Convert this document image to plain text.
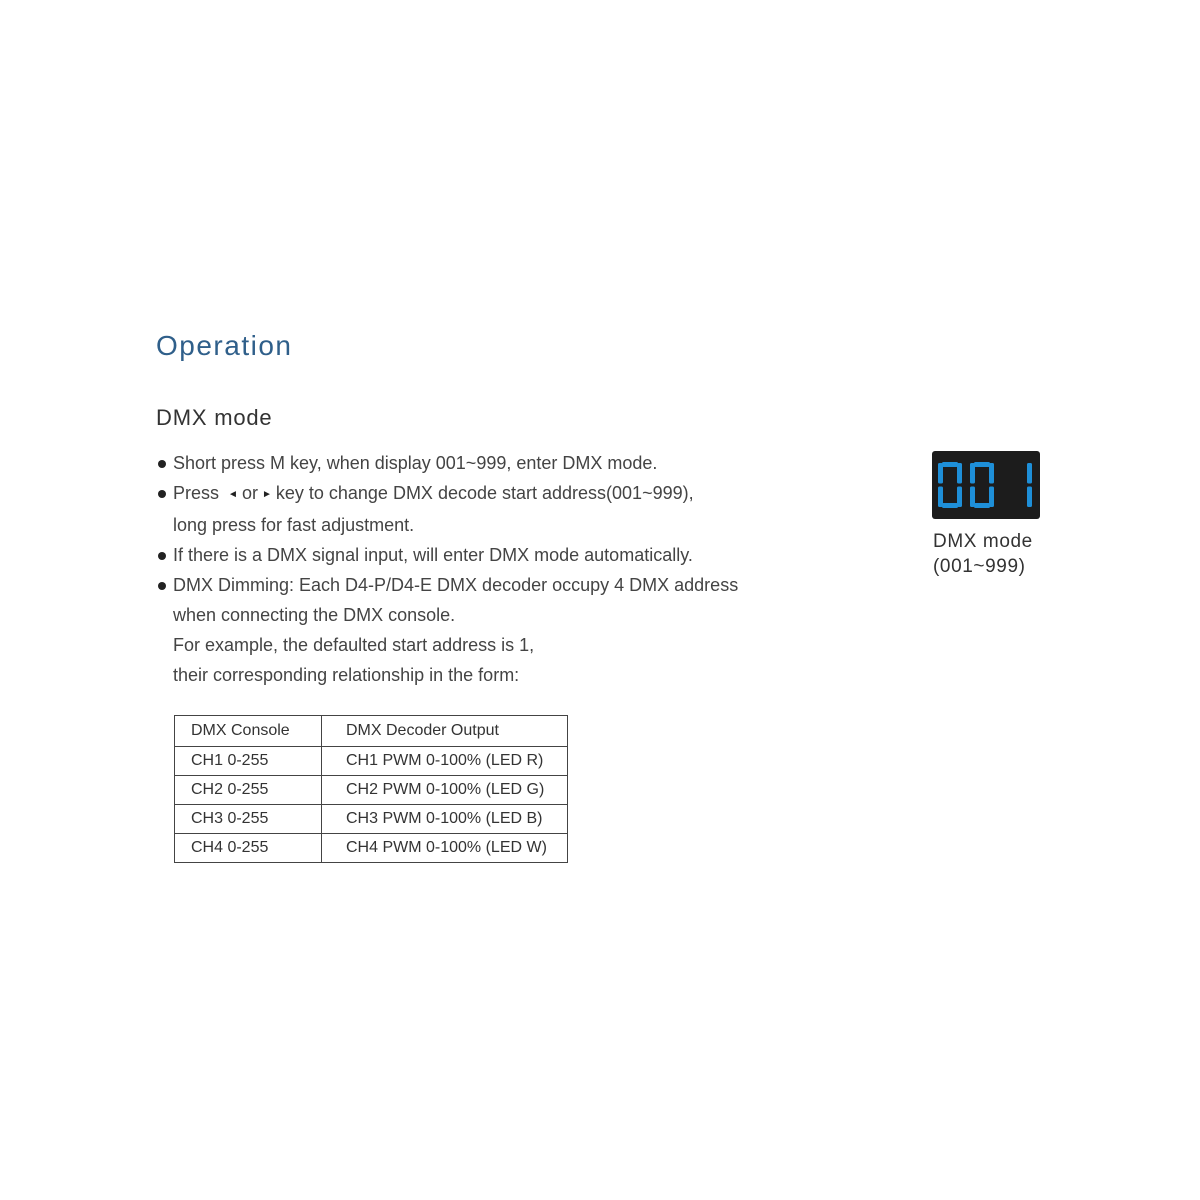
Operation
DMX mode
Short press M key, when display 001~999, enter DMX mode.
Press ◄ or ► key to change DMX decode start address(001~999),
long press for fast adjustment.
If there is a DMX signal input, will enter DMX mode automatically.
DMX Dimming: Each D4-P/D4-E DMX decoder occupy 4 DMX address
when connecting the DMX console.
For example, the defaulted start address is 1,
their corresponding relationship in the form:
DMX Console	DMX Decoder Output
CH1 0-255	CH1 PWM 0-100% (LED R)
CH2 0-255	CH2 PWM 0-100% (LED G)
CH3 0-255	CH3 PWM 0-100% (LED B)
CH4 0-255	CH4 PWM 0-100% (LED W)
DMX mode
(001~999)
